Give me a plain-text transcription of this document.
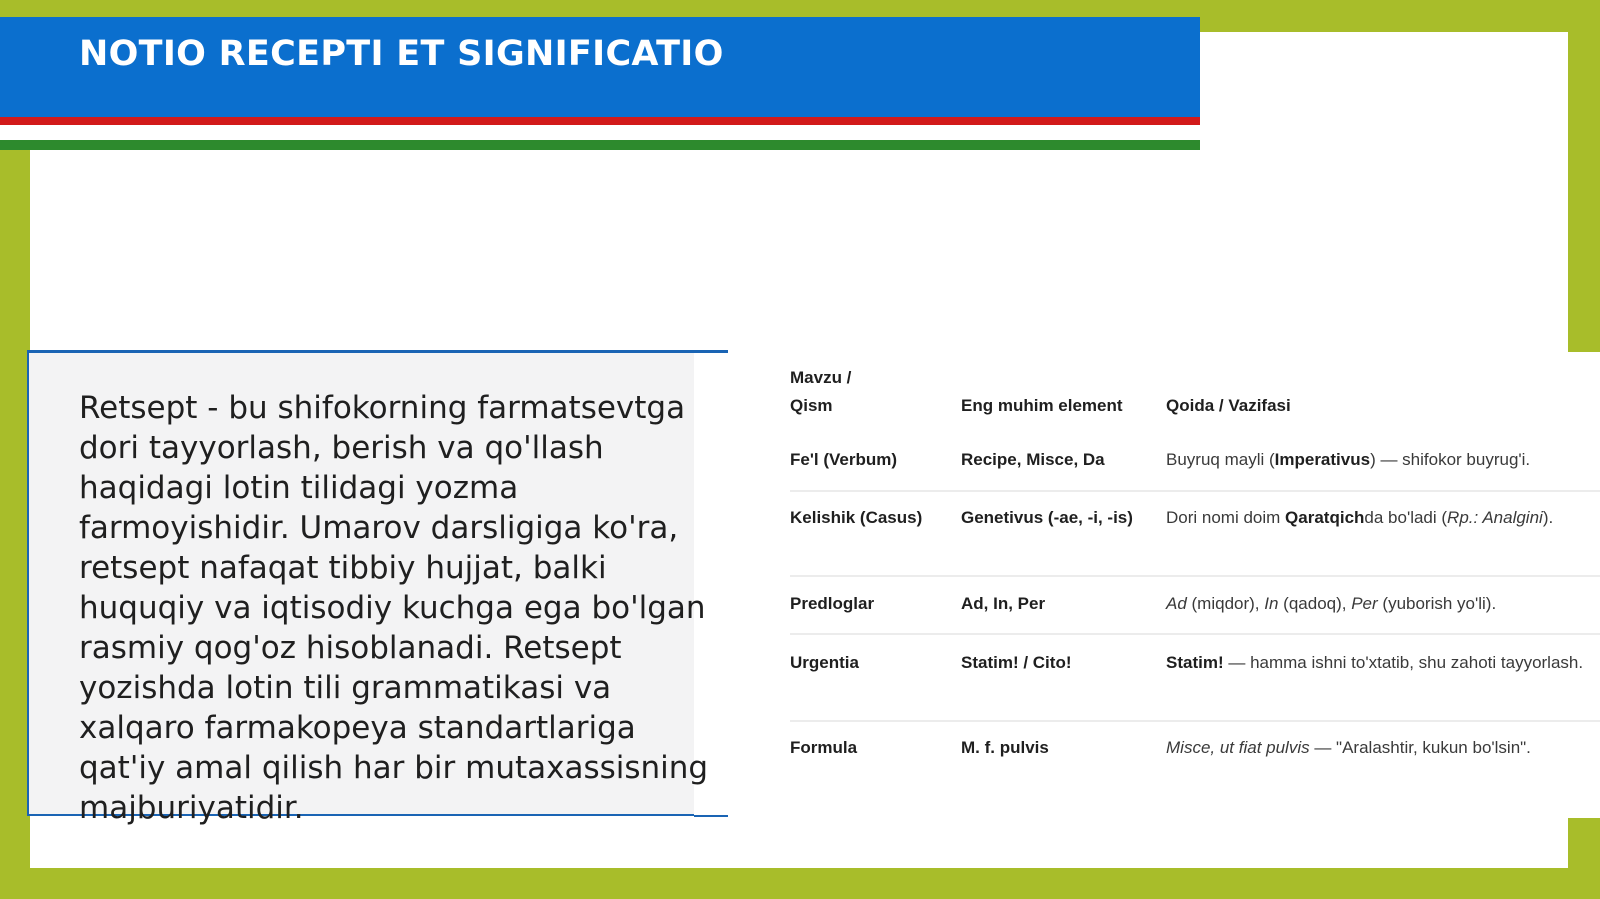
NOTIO RECEPTI ET SIGNIFICATIO
Retsept - bu shifokorning farmatsevtga dori tayyorlash, berish va qo'llash haqidagi lotin tilidagi yozma farmoyishidir. Umarov darsligiga ko'ra, retsept nafaqat tibbiy hujjat, balki huquqiy va iqtisodiy kuchga ega bo'lgan rasmiy qog'oz hisoblanadi. Retsept yozishda lotin tili grammatikasi va xalqaro farmakopeya standartlariga qat'iy amal qilish har bir mutaxassisning majburiyatidir.
Mavzu / Qism	Eng muhim element	Qoida / Vazifasi
Fe'l (Verbum)	Recipe, Misce, Da	Buyruq mayli (Imperativus) — shifokor buyrug'i.
Kelishik (Casus)	Genetivus (-ae, -i, -is)	Dori nomi doim Qaratqichda bo'ladi (Rp.: Analgini).
Predloglar	Ad, In, Per	Ad (miqdor), In (qadoq), Per (yuborish yo'li).
Urgentia	Statim! / Cito!	Statim! — hamma ishni to'xtatib, shu zahoti tayyorlash.
Formula	M. f. pulvis	Misce, ut fiat pulvis — "Aralashtir, kukun bo'lsin".
